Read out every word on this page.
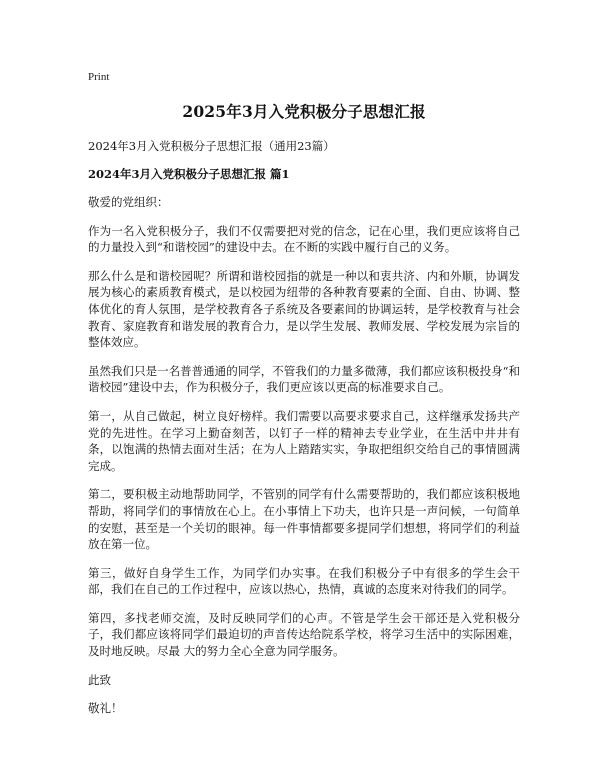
Print
2025年3月入党积极分子思想汇报
2024年3月入党积极分子思想汇报（通用23篇）
2024年3月入党积极分子思想汇报 篇1
敬爱的党组织：
作为一名入党积极分子，我们不仅需要把对党的信念，记在心里，我们更应该将自己的力量投入到“和谐校园”的建设中去。在不断的实践中履行自己的义务。
那么什么是和谐校园呢？所谓和谐校园指的就是一种以和衷共济、内和外顺，协调发展为核心的素质教育模式，是以校园为纽带的各种教育要素的全面、自由、协调、整体优化的育人氛围，是学校教育各子系统及各要素间的协调运转，是学校教育与社会教育、家庭教育和谐发展的教育合力，是以学生发展、教师发展、学校发展为宗旨的整体效应。
虽然我们只是一名普普通通的同学，不管我们的力量多微薄，我们都应该积极投身“和谐校园”建设中去，作为积极分子，我们更应该以更高的标准要求自己。
第一，从自己做起，树立良好榜样。我们需要以高要求要求自己，这样继承发扬共产党的先进性。在学习上勤奋刻苦，以钉子一样的精神去专业学业，在生活中井井有条，以饱满的热情去面对生活；在为人上踏踏实实，争取把组织交给自己的事情圆满完成。
第二，要积极主动地帮助同学，不管别的同学有什么需要帮助的，我们都应该积极地帮助，将同学们的事情放在心上。在小事情上下功夫，也许只是一声问候，一句简单的安慰，甚至是一个关切的眼神。每一件事情都要多提同学们想想，将同学们的利益放在第一位。
第三，做好自身学生工作，为同学们办实事。在我们积极分子中有很多的学生会干部，我们在自己的工作过程中，应该以热心，热情，真诚的态度来对待我们的同学。
第四，多找老师交流，及时反映同学们的心声。不管是学生会干部还是入党积极分子，我们都应该将同学们最迫切的声音传达给院系学校，将学习生活中的实际困难，及时地反映。尽最 大的努力全心全意为同学服务。
此致
敬礼！
